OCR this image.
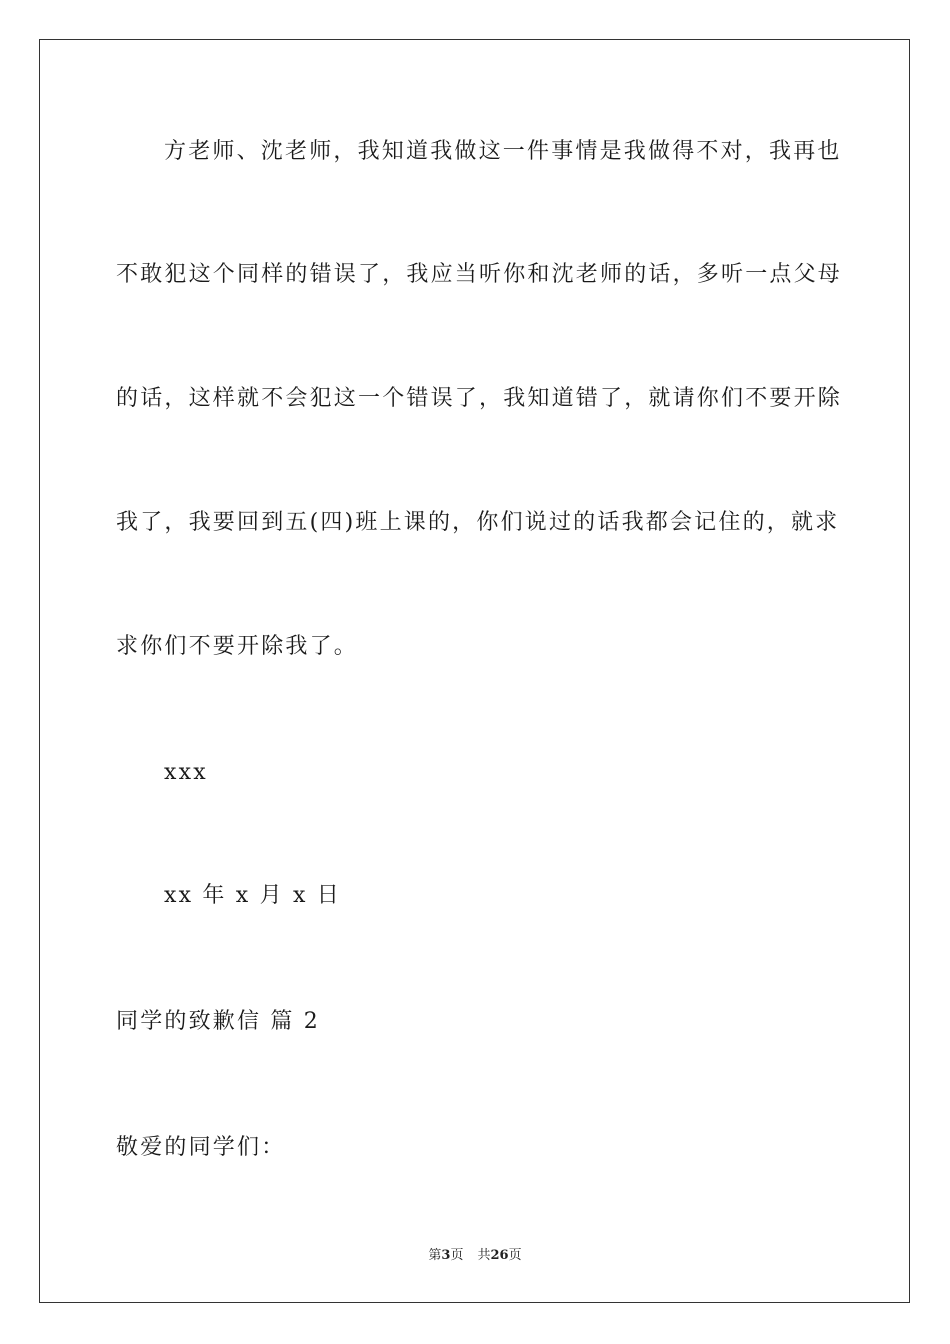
方老师、沈老师，我知道我做这一件事情是我做得不对，我再也
不敢犯这个同样的错误了，我应当听你和沈老师的话，多听一点父母
的话，这样就不会犯这一个错误了，我知道错了，就请你们不要开除
我了，我要回到五(四)班上课的，你们说过的话我都会记住的，就求
求你们不要开除我了。
xxx
xx 年 x 月 x 日
同学的致歉信 篇 2
敬爱的同学们：
第3页 共26页
